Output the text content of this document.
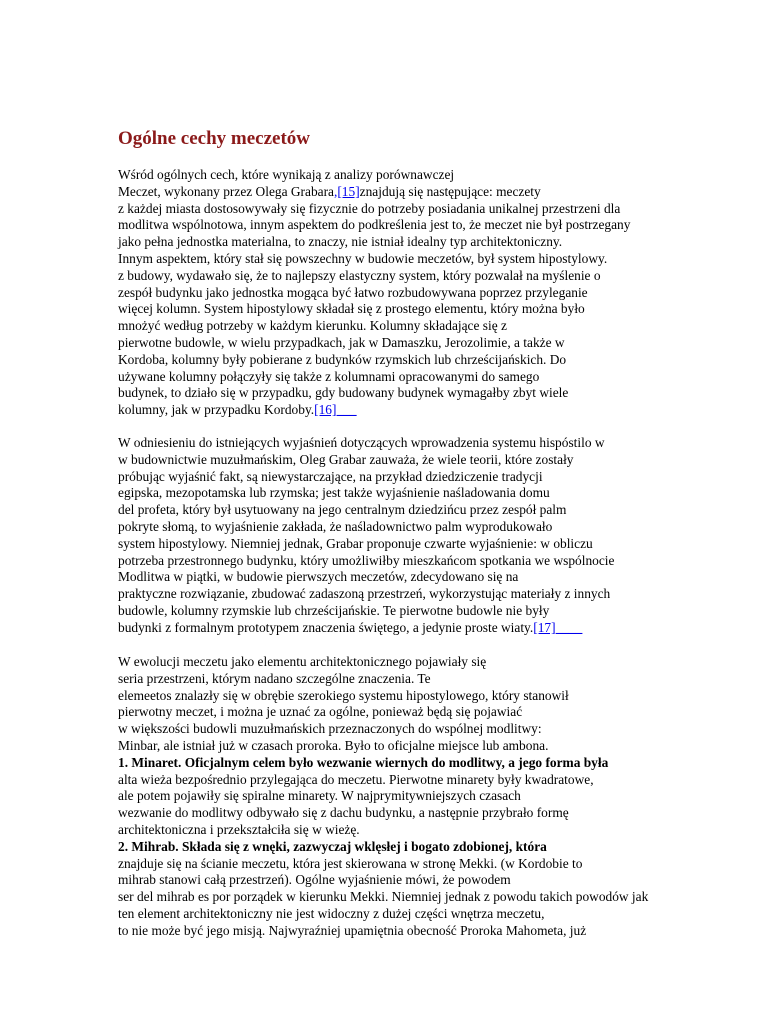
Ogólne cechy meczetów

Wśród ogólnych cech, które wynikają z analizy porównawczej
Meczet, wykonany przez Olega Grabara,[15]znajdują się następujące: meczety
z każdej miasta dostosowywały się fizycznie do potrzeby posiadania unikalnej przestrzeni dla
modlitwa wspólnotowa, innym aspektem do podkreślenia jest to, że meczet nie był postrzegany
jako pełna jednostka materialna, to znaczy, nie istniał idealny typ architektoniczny.
Innym aspektem, który stał się powszechny w budowie meczetów, był system hipostylowy.
z budowy, wydawało się, że to najlepszy elastyczny system, który pozwalał na myślenie o
zespół budynku jako jednostka mogąca być łatwo rozbudowywana poprzez przyleganie
więcej kolumn. System hipostylowy składał się z prostego elementu, który można było
mnożyć według potrzeby w każdym kierunku. Kolumny składające się z
pierwotne budowle, w wielu przypadkach, jak w Damaszku, Jerozolimie, a także w
Kordoba, kolumny były pobierane z budynków rzymskich lub chrześcijańskich. Do
używane kolumny połączyły się także z kolumnami opracowanymi do samego
budynek, to działo się w przypadku, gdy budowany budynek wymagałby zbyt wiele
kolumny, jak w przypadku Kordoby.[16]___

W odniesieniu do istniejących wyjaśnień dotyczących wprowadzenia systemu hispóstilo w
w budownictwie muzułmańskim, Oleg Grabar zauważa, że wiele teorii, które zostały
próbując wyjaśnić fakt, są niewystarczające, na przykład dziedziczenie tradycji
egipska, mezopotamska lub rzymska; jest także wyjaśnienie naśladowania domu
del profeta, który był usytuowany na jego centralnym dziedzińcu przez zespół palm
pokryte słomą, to wyjaśnienie zakłada, że naśladownictwo palm wyprodukowało
system hipostylowy. Niemniej jednak, Grabar proponuje czwarte wyjaśnienie: w obliczu
potrzeba przestronnego budynku, który umożliwiłby mieszkańcom spotkania we wspólnocie
Modlitwa w piątki, w budowie pierwszych meczetów, zdecydowano się na
praktyczne rozwiązanie, zbudować zadaszoną przestrzeń, wykorzystując materiały z innych
budowle, kolumny rzymskie lub chrześcijańskie. Te pierwotne budowle nie były
budynki z formalnym prototypem znaczenia świętego, a jedynie proste wiaty.[17]____

W ewolucji meczetu jako elementu architektonicznego pojawiały się
seria przestrzeni, którym nadano szczególne znaczenia. Te
elemeetos znalazły się w obrębie szerokiego systemu hipostylowego, który stanowił
pierwotny meczet, i można je uznać za ogólne, ponieważ będą się pojawiać
w większości budowli muzułmańskich przeznaczonych do wspólnej modlitwy:
Minbar, ale istniał już w czasach proroka. Było to oficjalne miejsce lub ambona.
1. Minaret. Oficjalnym celem było wezwanie wiernych do modlitwy, a jego forma była
alta wieża bezpośrednio przylegająca do meczetu. Pierwotne minarety były kwadratowe,
ale potem pojawiły się spiralne minarety. W najprymitywniejszych czasach
wezwanie do modlitwy odbywało się z dachu budynku, a następnie przybrało formę
architektoniczna i przekształciła się w wieżę.
2. Mihrab. Składa się z wnęki, zazwyczaj wklęsłej i bogato zdobionej, która
znajduje się na ścianie meczetu, która jest skierowana w stronę Mekki. (w Kordobie to
mihrab stanowi całą przestrzeń). Ogólne wyjaśnienie mówi, że powodem
ser del mihrab es por porządek w kierunku Mekki. Niemniej jednak z powodu takich powodów jak
ten element architektoniczny nie jest widoczny z dużej części wnętrza meczetu,
to nie może być jego misją. Najwyraźniej upamiętnia obecność Proroka Mahometa, już
